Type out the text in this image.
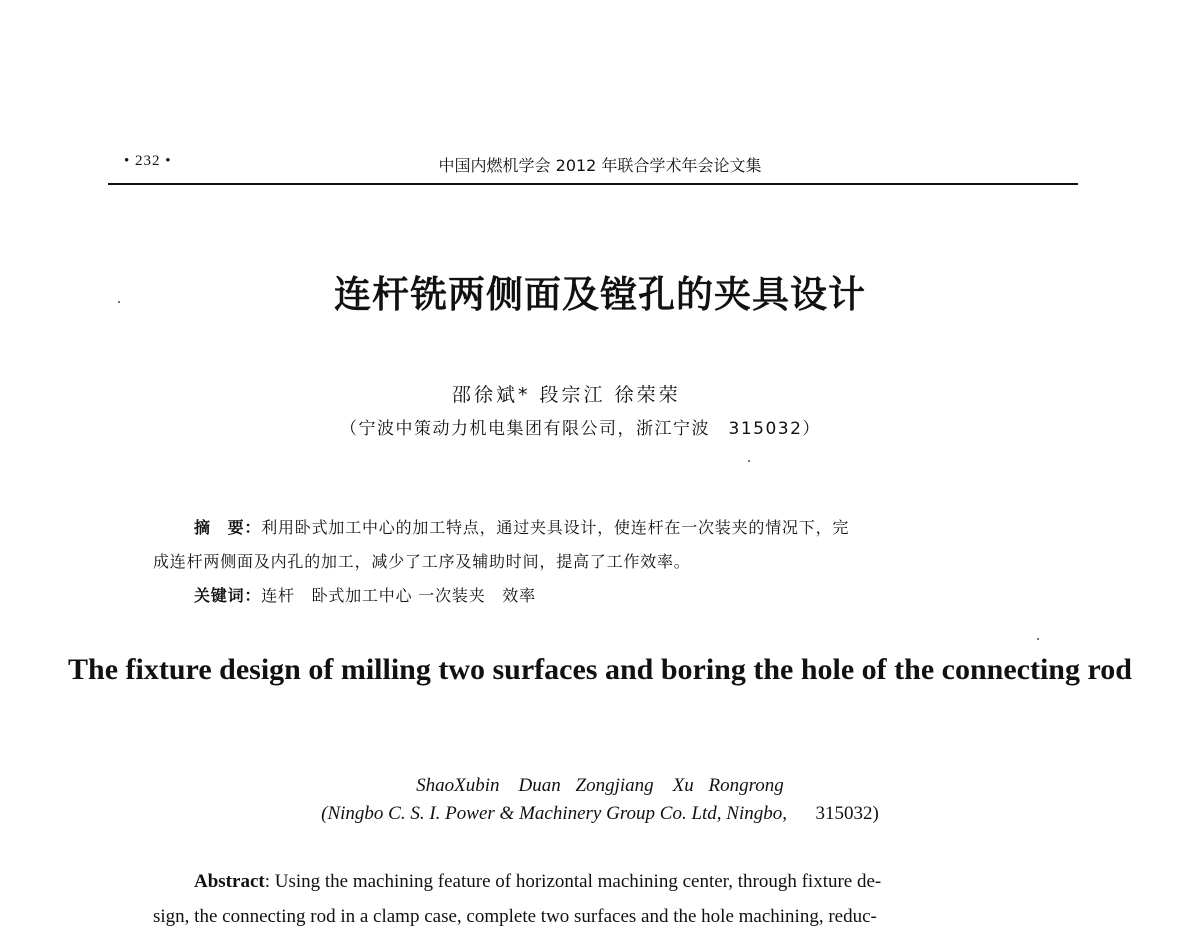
• 232 •	中国内燃机学会 2012 年联合学术年会论文集
连杆铣两侧面及镗孔的夹具设计
邵徐斌* 段宗江 徐荣荣
（宁波中策动力机电集团有限公司，浙江宁波　315032）
摘　要：利用卧式加工中心的加工特点，通过夹具设计，使连杆在一次装夹的情况下，完
成连杆两侧面及内孔的加工，减少了工序及辅助时间，提高了工作效率。
关键词：连杆　卧式加工中心 一次装夹　效率
The fixture design of milling two surfaces and boring the hole of the connecting rod
ShaoXubin　Duan Zongjiang　Xu Rongrong
(Ningbo C. S. I. Power & Machinery Group Co. Ltd, Ningbo, 315032)
Abstract: Using the machining feature of horizontal machining center, through fixture de-
sign, the connecting rod in a clamp case, complete two surfaces and the hole machining, reduc-
